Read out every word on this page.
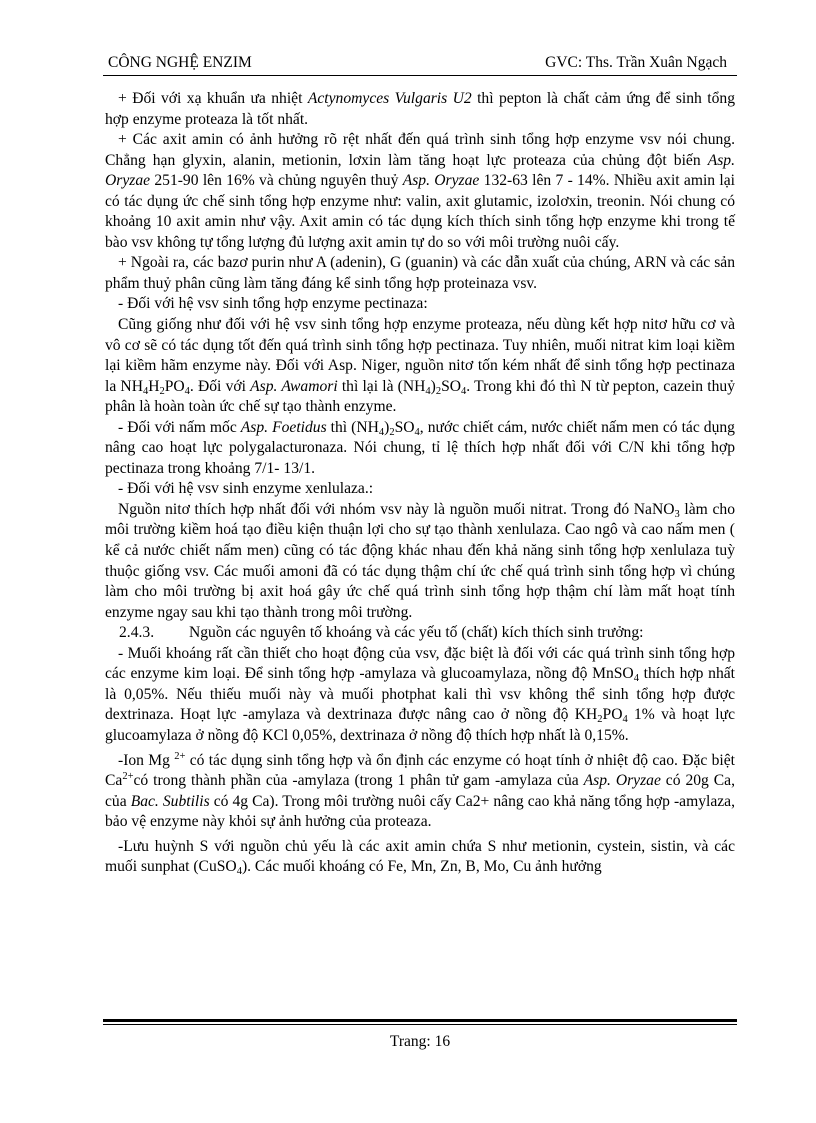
CÔNG NGHỆ ENZIM	GVC: Ths. Trần Xuân Ngạch

+ Đối với xạ khuẩn ưa nhiệt Actynomyces Vulgaris U2 thì pepton là chất cảm ứng để sinh tổng hợp enzyme proteaza là tốt nhất.

+ Các axit amin có ảnh hưởng rõ rệt nhất đến quá trình sinh tổng hợp enzyme vsv nói chung. Chẳng hạn glyxin, alanin, metionin, lơxin làm tăng hoạt lực proteaza của chủng đột biến Asp. Oryzae 251-90 lên 16% và chủng nguyên thuỷ Asp. Oryzae 132-63 lên 7 - 14%. Nhiều axit amin lại có tác dụng ức chế sinh tổng hợp enzyme như: valin, axit glutamic, izolơxin, treonin. Nói chung có khoảng 10 axit amin như vậy. Axit amin có tác dụng kích thích sinh tổng hợp enzyme khi trong tế bào vsv không tự tổng lượng đủ lượng axit amin tự do so với môi trường nuôi cấy.

+ Ngoài ra, các bazơ purin như A (adenin), G (guanin) và các dẫn xuất của chúng, ARN và các sản phẩm thuỷ phân cũng làm tăng đáng kể sinh tổng hợp proteinaza vsv.

- Đối với hệ vsv sinh tổng hợp enzyme pectinaza:

Cũng giống như đối với hệ vsv sinh tổng hợp enzyme proteaza, nếu dùng kết hợp nitơ hữu cơ và vô cơ sẽ có tác dụng tốt đến quá trình sinh tổng hợp pectinaza. Tuy nhiên, muối nitrat kim loại kiềm lại kiềm hãm enzyme này. Đối với Asp. Niger, nguồn nitơ tốn kém nhất để sinh tổng hợp pectinaza la $NH_4H_2PO_4$. Đối với Asp. Awamori thì lại là $(NH_4)_2SO_4$. Trong khi đó thì N từ pepton, cazein thuỷ phân là hoàn toàn ức chế sự tạo thành enzyme.

- Đối với nấm mốc Asp. Foetidus thì $(NH_4)_2SO_4$, nước chiết cám, nước chiết nấm men có tác dụng nâng cao hoạt lực polygalacturonaza. Nói chung, tỉ lệ thích hợp nhất đối với C/N khi tổng hợp pectinaza trong khoảng 7/1- 13/1.

- Đối với hệ vsv sinh enzyme xenlulaza.:

Nguồn nitơ thích hợp nhất đối với nhóm vsv này là nguồn muối nitrat. Trong đó NaNO$_3$ làm cho môi trường kiềm hoá tạo điều kiện thuận lợi cho sự tạo thành xenlulaza. Cao ngô và cao nấm men ( kể cả nước chiết nấm men) cũng có tác động khác nhau đến khả năng sinh tổng hợp xenlulaza tuỳ thuộc giống vsv. Các muối amoni đã có tác dụng thậm chí ức chế quá trình sinh tổng hợp vì chúng làm cho môi trường bị axit hoá gây ức chế quá trình sinh tổng hợp thậm chí làm mất hoạt tính enzyme ngay sau khi tạo thành trong môi trường.

2.4.3. Nguồn các nguyên tố khoáng và các yếu tố (chất) kích thích sinh trưởng:

- Muối khoáng rất cần thiết cho hoạt động của vsv, đặc biệt là đối với các quá trình sinh tổng hợp các enzyme kim loại. Để sinh tổng hợp -amylaza và glucoamylaza, nồng độ MnSO$_4$ thích hợp nhất là 0,05%. Nếu thiếu muối này và muối photphat kali thì vsv không thể sinh tổng hợp được dextrinaza. Hoạt lực -amylaza và dextrinaza được nâng cao ở nồng độ $KH_2PO_4$ 1% và hoạt lực glucoamylaza ở nồng độ KCl 0,05%, dextrinaza ở nồng độ thích hợp nhất là 0,15%.

-Ion Mg $^{2+}$ có tác dụng sinh tổng hợp và ổn định các enzyme có hoạt tính ở nhiệt độ cao. Đặc biệt $Ca^{2+}có$ trong thành phần của -amylaza (trong 1 phân tử gam -amylaza của Asp. Oryzae có 20g Ca, của Bac. Subtilis có 4g Ca). Trong môi trường nuôi cấy Ca2+ nâng cao khả năng tổng hợp -amylaza, bảo vệ enzyme này khỏi sự ảnh hưởng của proteaza.

-Lưu huỳnh S với nguồn chủ yếu là các axit amin chứa S như metionin, cystein, sistin, và các muối sunphat (CuSO$_4$). Các muối khoáng có Fe, Mn, Zn, B, Mo, Cu ảnh hưởng

Trang: 16
